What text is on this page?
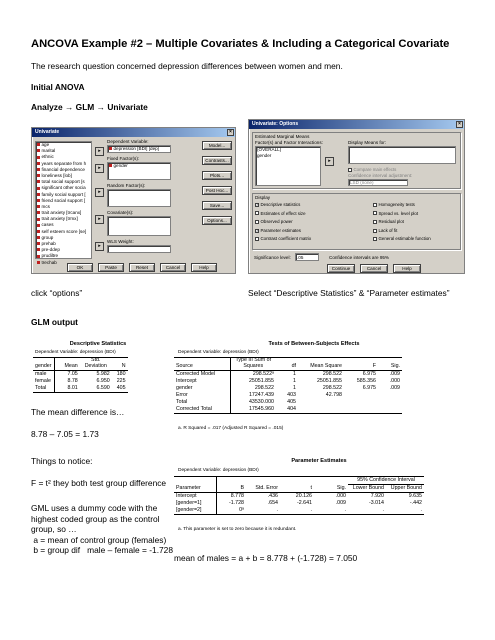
ANCOVA Example #2 – Multiple Covariates & Including a Categorical Covariate
The research question concerned depression differences between women and men.
Initial ANOVA
Analyze → GLM → Univariate
Univariate	×
age
marital
ethnic
years separate from h
financial dependence
loneliness [lob]
total social support [s
significant other socia
family social support [
friend social support [
mcs
trait anxiety [trcanx]
trait anxiety [trmx]
cases
self esteem score [se]
group
prehab
pre-ddep
prudiltre
trechab
▸
▸
▸
▸
▸
Dependent Variable:
depression [BDI] [dep]
Fixed Factor(s):
gender
Random Factor(s):
Covariate(s):
WLS Weight:
Model...
Contrasts...
Plots...
Post Hoc...
Save...
Options...
OK	Paste	Reset	Cancel	Help
Univariate: Options	×
Estimated Marginal Means
Factor(s) and Factor Interactions:
(OVERALL)
gender
▸
Display Means for:
Compare main effects
Confidence interval adjustment:
LSD (none)
Display
✓Descriptive statistics
Estimates of effect size
Observed power
✓Parameter estimates
Contrast coefficient matrix
Homogeneity tests
Spread vs. level plot
Residual plot
Lack of fit
General estimable function
Significance level: .05	Confidence intervals are 95%
Continue	Cancel	Help
click “options”	Select “Descriptive Statistics” & “Parameter estimates”
GLM output
Descriptive Statistics
Dependent Variable: depression (BDI)
gender	Mean	Std. Deviation	N
male	7.05	5.982	180
female	8.78	6.950	225
Total	8.01	6.590	405
The mean difference is…
8.78 – 7.05 = 1.73
Tests of Between-Subjects Effects
Dependent Variable: depression (BDI)
Source	Type III Sum of Squares	df	Mean Square	F	Sig.
Corrected Model	298.522ᵃ	1	298.522	6.975	.009
Intercept	25051.855	1	25051.855	585.356	.000
gender	298.522	1	298.522	6.975	.009
Error	17247.439	403	42.798		
Total	43530.000	405			
Corrected Total	17545.960	404			
a. R Squared = .017 (Adjusted R Squared = .015)
Things to notice:
F = t² they both test group difference
GML uses a dummy code with the
highest coded group as the control
group, so …
a = mean of control group (females)
b = group dif   male – female = -1.728
Parameter Estimates
Dependent Variable: depression (BDI)
					95% Confidence Interval	
Parameter	B	Std. Error	t	Sig.	Lower Bound	Upper Bound
Intercept	8.778	.436	20.126	.000	7.920	9.635
[gender=1]	-1.728	.654	-2.641	.009	-3.014	-.442
[gender=2]	0ᵃ	.	.	.	.	.
a. This parameter is set to zero because it is redundant.
mean of males = a + b = 8.778 + (-1.728) = 7.050
